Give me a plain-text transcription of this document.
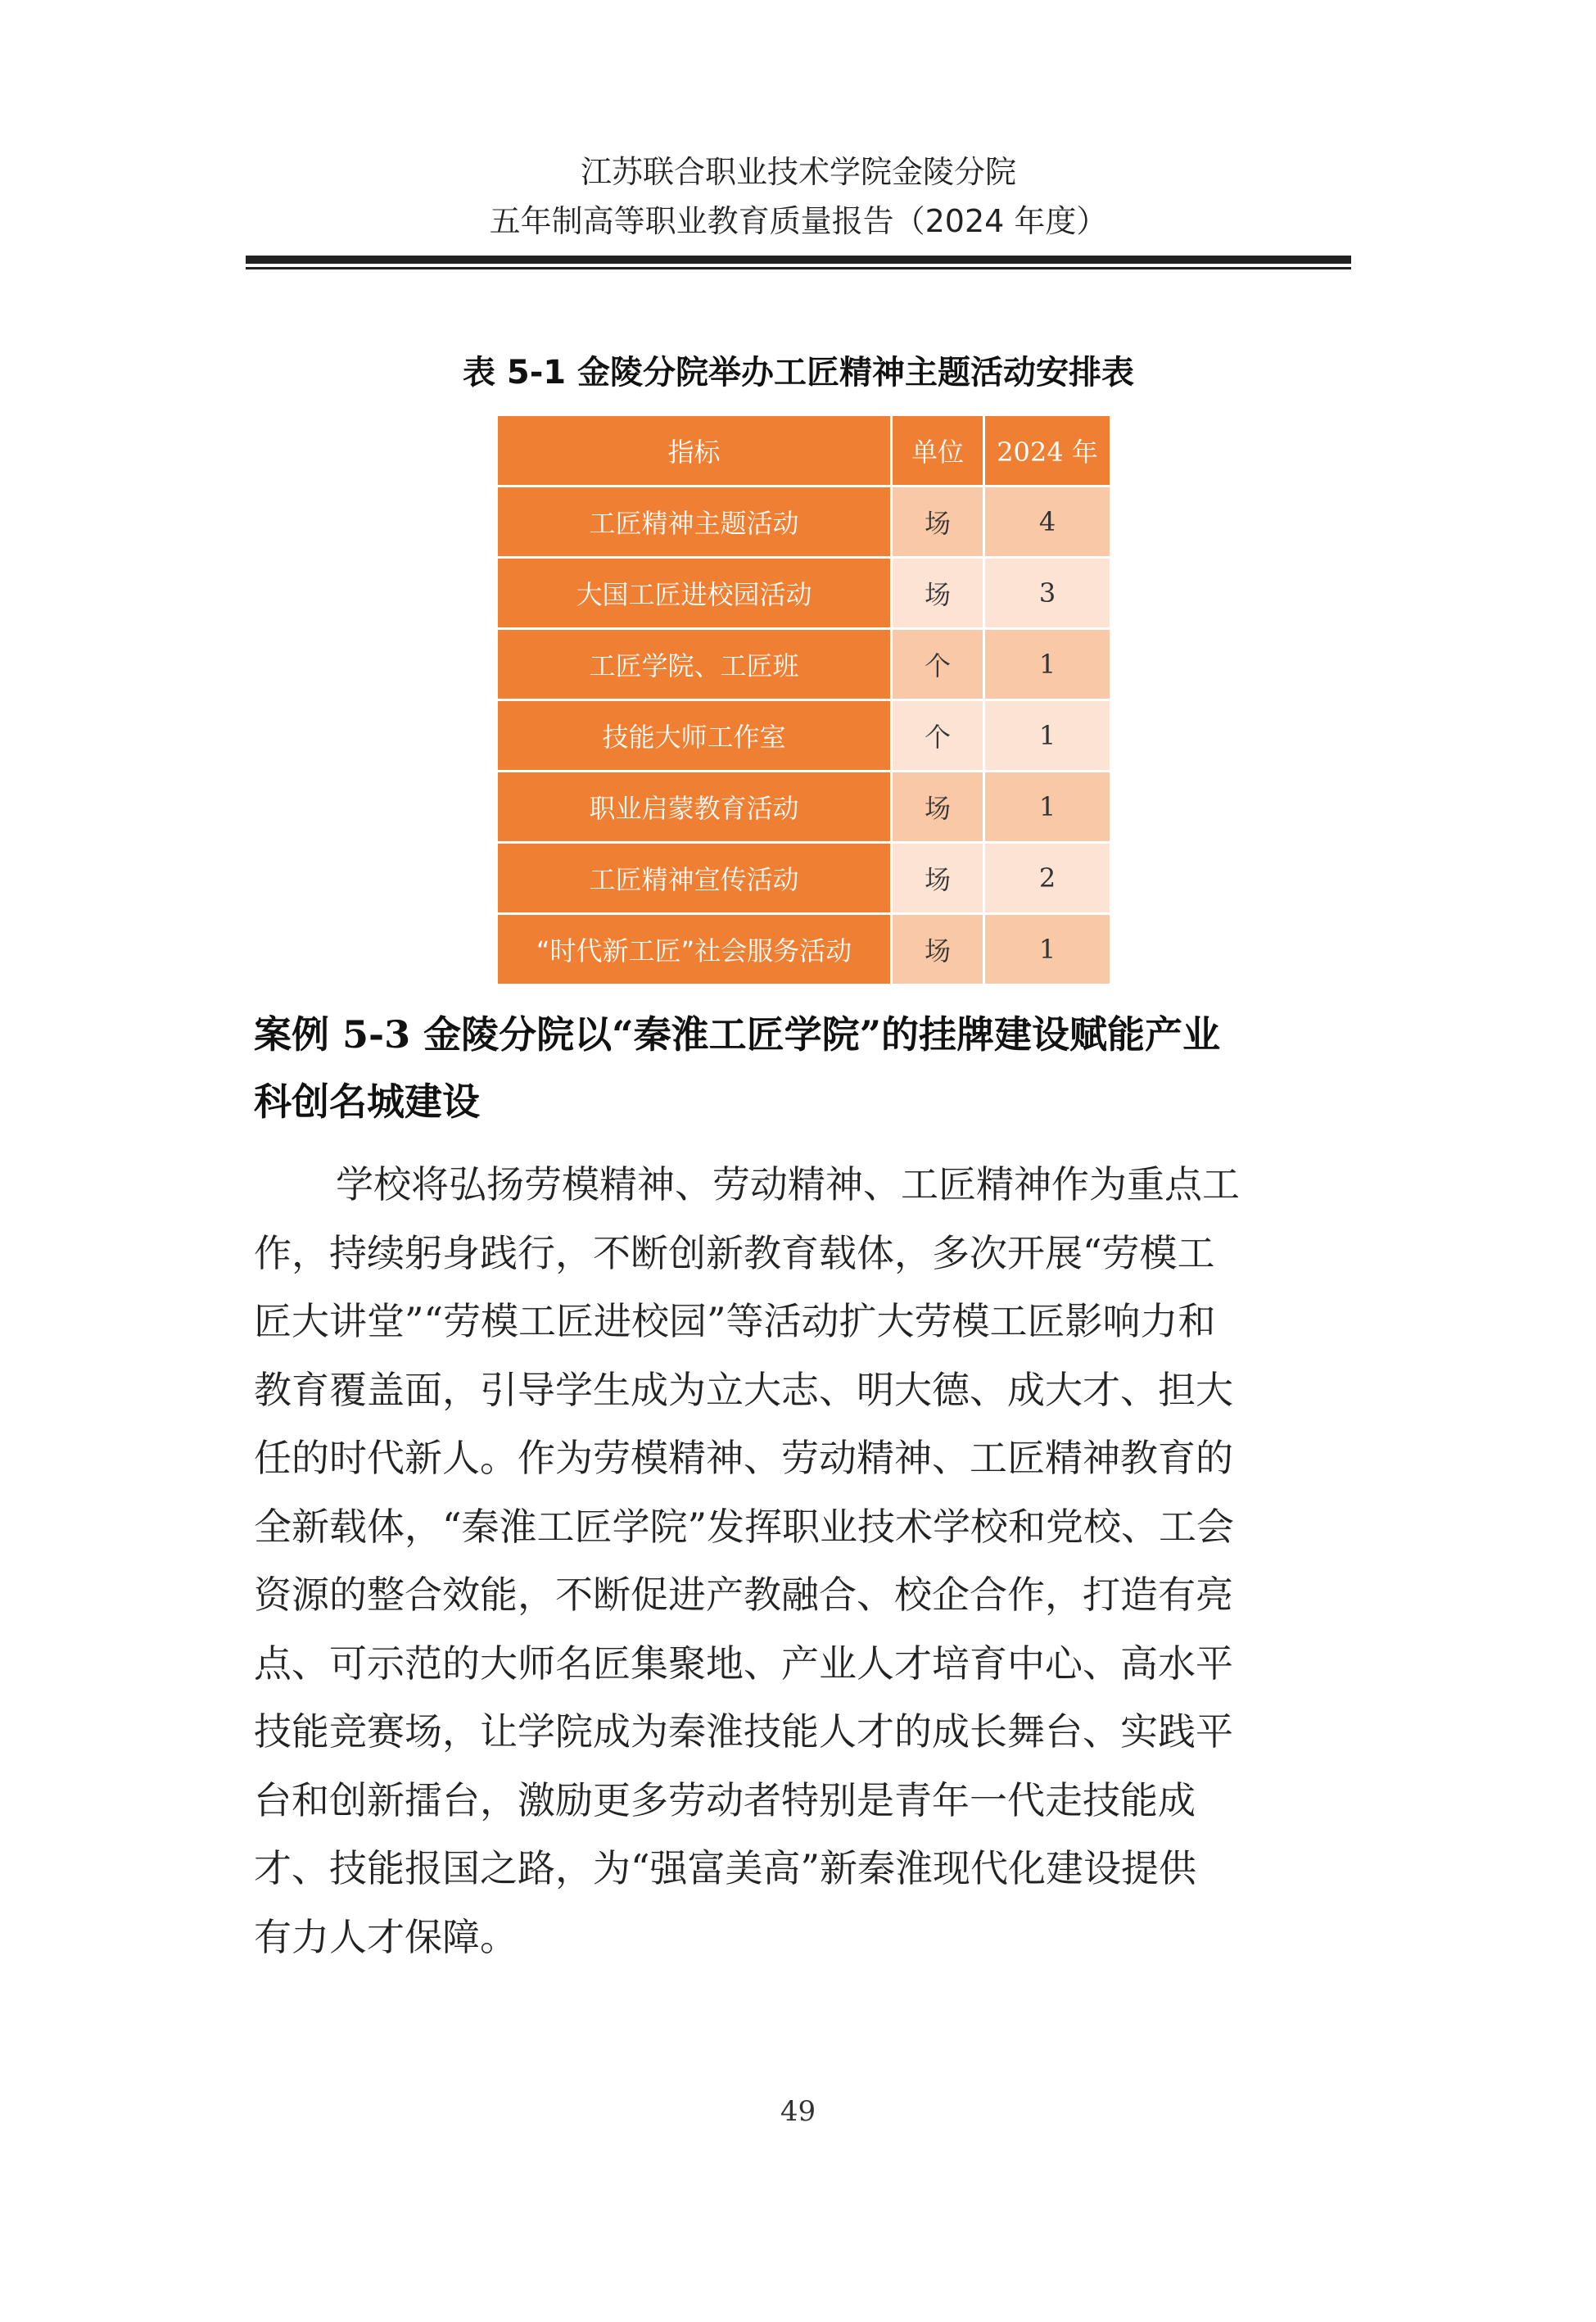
江苏联合职业技术学院金陵分院
五年制高等职业教育质量报告（2024 年度）
表 5-1 金陵分院举办工匠精神主题活动安排表
指标	单位	2024 年
工匠精神主题活动	场	4
大国工匠进校园活动	场	3
工匠学院、工匠班	个	1
技能大师工作室	个	1
职业启蒙教育活动	场	1
工匠精神宣传活动	场	2
“时代新工匠”社会服务活动	场	1
案例 5-3 金陵分院以“秦淮工匠学院”的挂牌建设赋能产业
科创名城建设
学校将弘扬劳模精神、劳动精神、工匠精神作为重点工
作，持续躬身践行，不断创新教育载体，多次开展“劳模工
匠大讲堂”“劳模工匠进校园”等活动扩大劳模工匠影响力和
教育覆盖面，引导学生成为立大志、明大德、成大才、担大
任的时代新人。作为劳模精神、劳动精神、工匠精神教育的
全新载体，“秦淮工匠学院”发挥职业技术学校和党校、工会
资源的整合效能，不断促进产教融合、校企合作，打造有亮
点、可示范的大师名匠集聚地、产业人才培育中心、高水平
技能竞赛场，让学院成为秦淮技能人才的成长舞台、实践平
台和创新擂台，激励更多劳动者特别是青年一代走技能成
才、技能报国之路，为“强富美高”新秦淮现代化建设提供
有力人才保障。
49
